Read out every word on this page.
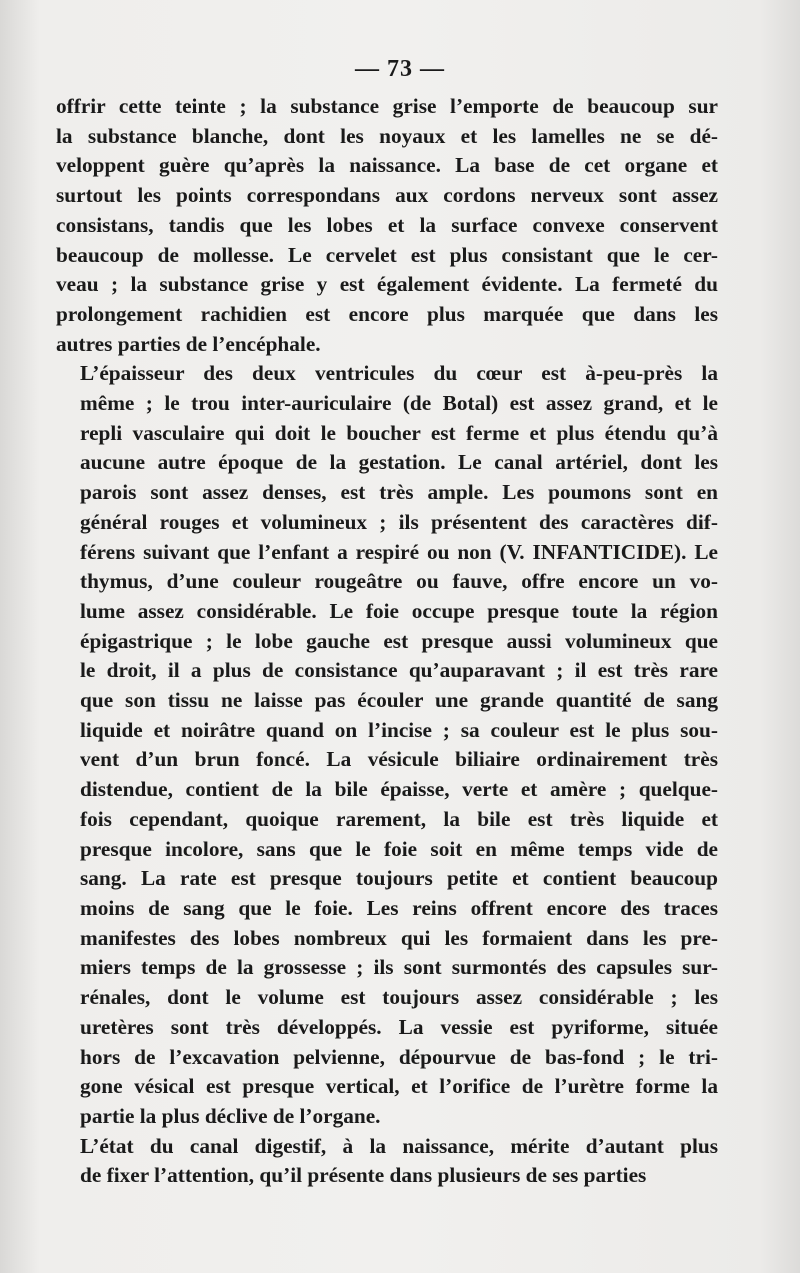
— 73 —

offrir cette teinte ; la substance grise l’emporte de beaucoup sur
la substance blanche, dont les noyaux et les lamelles ne se dé-
veloppent guère qu’après la naissance. La base de cet organe et
surtout les points correspondans aux cordons nerveux sont assez
consistans, tandis que les lobes et la surface convexe conservent
beaucoup de mollesse. Le cervelet est plus consistant que le cer-
veau ; la substance grise y est également évidente. La fermeté du
prolongement rachidien est encore plus marquée que dans les
autres parties de l’encéphale.

L’épaisseur des deux ventricules du cœur est à-peu-près la
même ; le trou inter-auriculaire (de Botal) est assez grand, et le
repli vasculaire qui doit le boucher est ferme et plus étendu qu’à
aucune autre époque de la gestation. Le canal artériel, dont les
parois sont assez denses, est très ample. Les poumons sont en
général rouges et volumineux ; ils présentent des caractères dif-
férens suivant que l’enfant a respiré ou non (V. INFANTICIDE). Le
thymus, d’une couleur rougeâtre ou fauve, offre encore un vo-
lume assez considérable. Le foie occupe presque toute la région
épigastrique ; le lobe gauche est presque aussi volumineux que
le droit, il a plus de consistance qu’auparavant ; il est très rare
que son tissu ne laisse pas écouler une grande quantité de sang
liquide et noirâtre quand on l’incise ; sa couleur est le plus sou-
vent d’un brun foncé. La vésicule biliaire ordinairement très
distendue, contient de la bile épaisse, verte et amère ; quelque-
fois cependant, quoique rarement, la bile est très liquide et
presque incolore, sans que le foie soit en même temps vide de
sang. La rate est presque toujours petite et contient beaucoup
moins de sang que le foie. Les reins offrent encore des traces
manifestes des lobes nombreux qui les formaient dans les pre-
miers temps de la grossesse ; ils sont surmontés des capsules sur-
rénales, dont le volume est toujours assez considérable ; les
uretères sont très développés. La vessie est pyriforme, située
hors de l’excavation pelvienne, dépourvue de bas-fond ; le tri-
gone vésical est presque vertical, et l’orifice de l’urètre forme la
partie la plus déclive de l’organe.

L’état du canal digestif, à la naissance, mérite d’autant plus
de fixer l’attention, qu’il présente dans plusieurs de ses parties
